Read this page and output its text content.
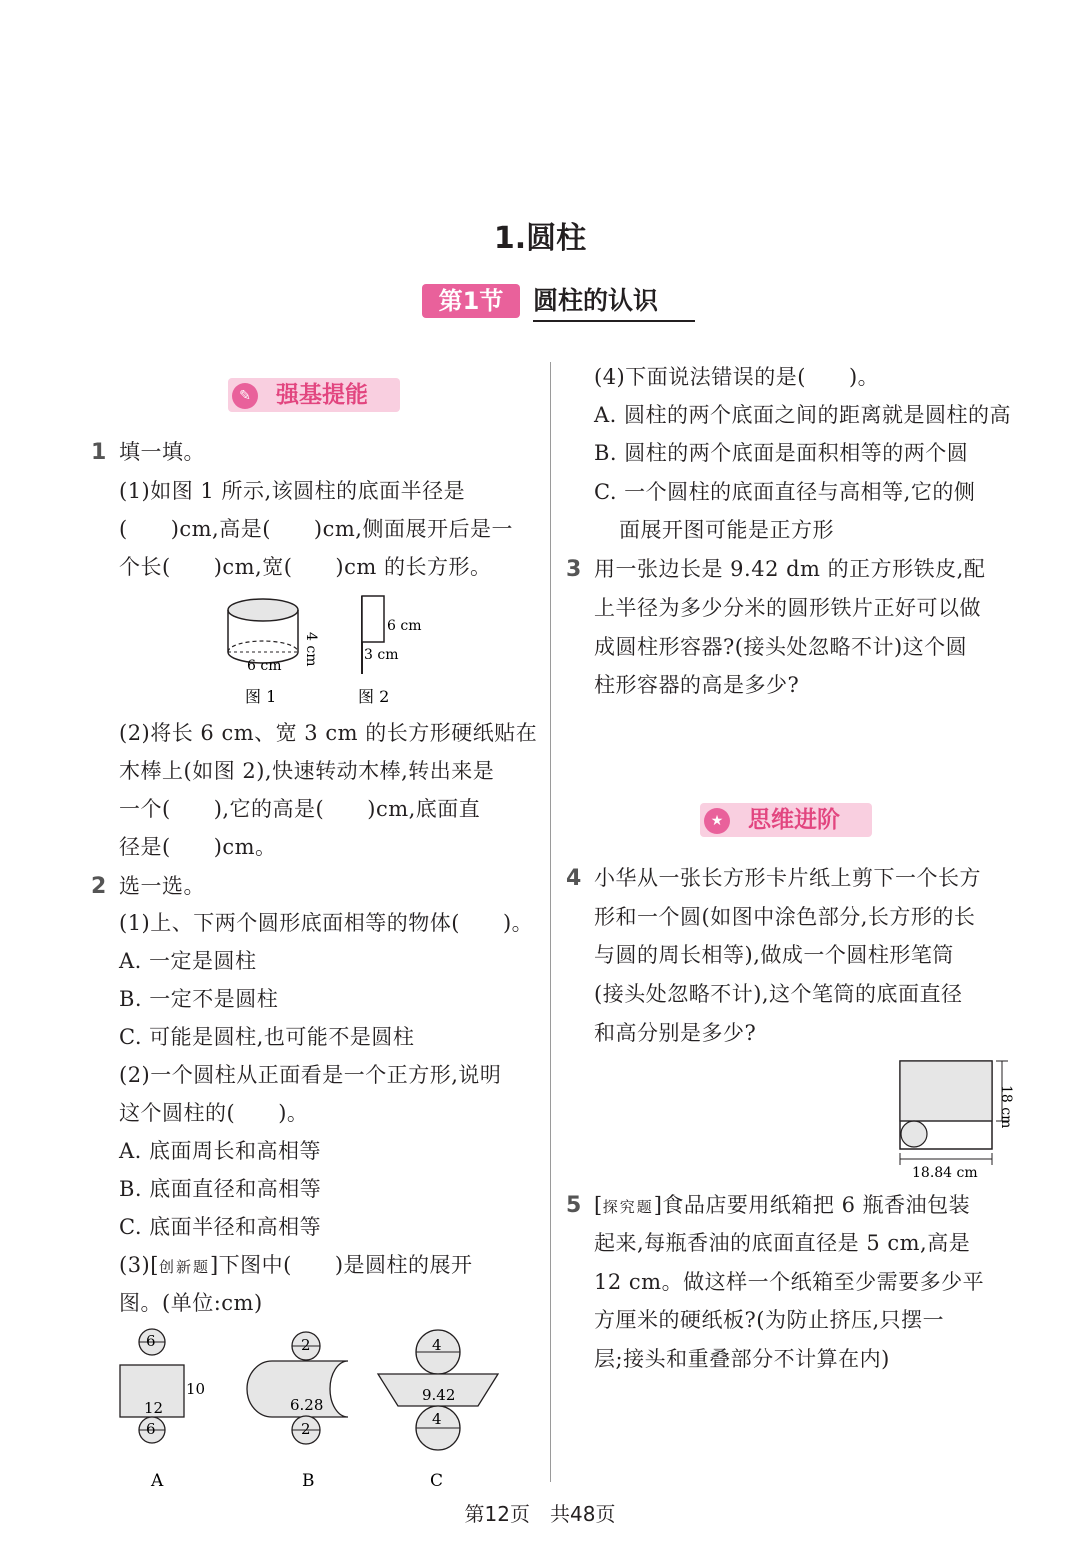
1.圆柱
第1节	圆柱的认识
✎	强基提能
1 填一填。
(1)如图 1 所示,该圆柱的底面半径是
(　　)cm,高是(　　)cm,侧面展开后是一
个长(　　)cm,宽(　　)cm 的长方形。
4 cm
6 cm
图 1
6 cm
3 cm
图 2
(2)将长 6 cm、宽 3 cm 的长方形硬纸贴在
木棒上(如图 2),快速转动木棒,转出来是
一个(　　),它的高是(　　)cm,底面直
径是(　　)cm。
2 选一选。
(1)上、下两个圆形底面相等的物体(　　)。
A. 一定是圆柱
B. 一定不是圆柱
C. 可能是圆柱,也可能不是圆柱
(2)一个圆柱从正面看是一个正方形,说明
这个圆柱的(　　)。
A. 底面周长和高相等
B. 底面直径和高相等
C. 底面半径和高相等
(3)[创新题]下图中(　　)是圆柱的展开
图。(单位:cm)
6
6
12
10
A
2
2
6.28
B
4
4
9.42
C
(4)下面说法错误的是(　　)。
A. 圆柱的两个底面之间的距离就是圆柱的高
B. 圆柱的两个底面是面积相等的两个圆
C. 一个圆柱的底面直径与高相等,它的侧
面展开图可能是正方形
3 用一张边长是 9.42 dm 的正方形铁皮,配
上半径为多少分米的圆形铁片正好可以做
成圆柱形容器?(接头处忽略不计)这个圆
柱形容器的高是多少?
★ 思维进阶
4 小华从一张长方形卡片纸上剪下一个长方
形和一个圆(如图中涂色部分,长方形的长
与圆的周长相等),做成一个圆柱形笔筒
(接头处忽略不计),这个笔筒的底面直径
和高分别是多少?
18 cm
18.84 cm
5 [探究题]食品店要用纸箱把 6 瓶香油包装
起来,每瓶香油的底面直径是 5 cm,高是
12 cm。做这样一个纸箱至少需要多少平
方厘米的硬纸板?(为防止挤压,只摆一
层;接头和重叠部分不计算在内)
第12页　共48页
